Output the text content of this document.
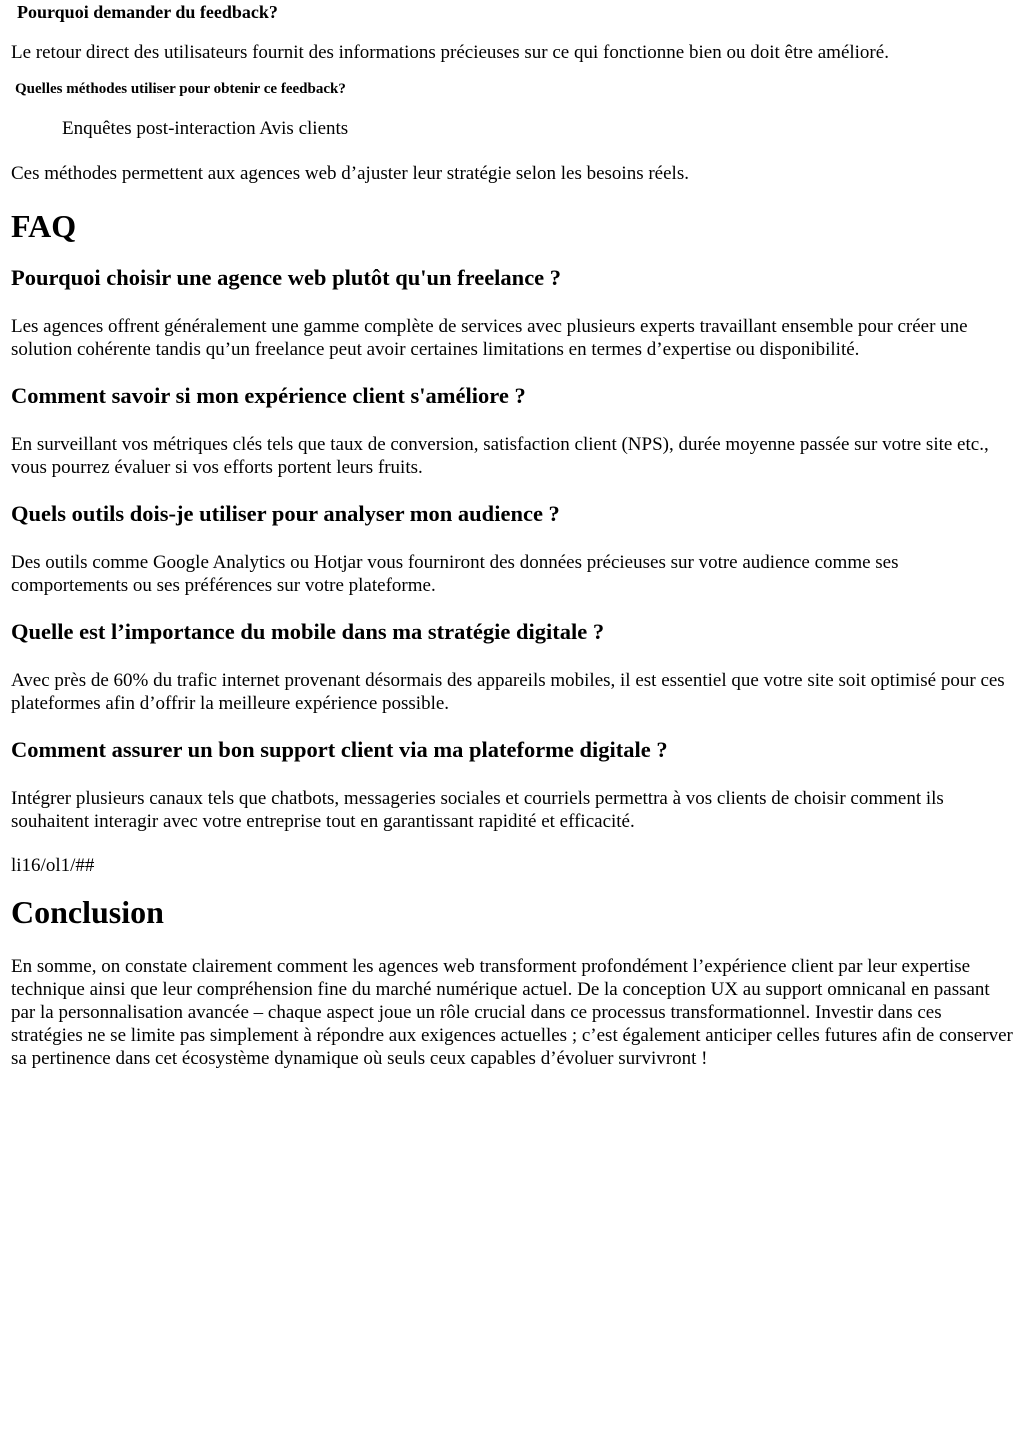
Pourquoi demander du feedback?

Le retour direct des utilisateurs fournit des informations précieuses sur ce qui fonctionne bien ou doit être amélioré.

Quelles méthodes utiliser pour obtenir ce feedback?

Enquêtes post-interaction Avis clients

Ces méthodes permettent aux agences web d’ajuster leur stratégie selon les besoins réels.

FAQ
Pourquoi choisir une agence web plutôt qu'un freelance ?

Les agences offrent généralement une gamme complète de services avec plusieurs experts travaillant ensemble pour créer une solution cohérente tandis qu’un freelance peut avoir certaines limitations en termes d’expertise ou disponibilité.

Comment savoir si mon expérience client s'améliore ?

En surveillant vos métriques clés tels que taux de conversion, satisfaction client (NPS), durée moyenne passée sur votre site etc., vous pourrez évaluer si vos efforts portent leurs fruits.

Quels outils dois-je utiliser pour analyser mon audience ?

Des outils comme Google Analytics ou Hotjar vous fourniront des données précieuses sur votre audience comme ses comportements ou ses préférences sur votre plateforme.

Quelle est l’importance du mobile dans ma stratégie digitale ?

Avec près de 60% du trafic internet provenant désormais des appareils mobiles, il est essentiel que votre site soit optimisé pour ces plateformes afin d’offrir la meilleure expérience possible.

Comment assurer un bon support client via ma plateforme digitale ?

Intégrer plusieurs canaux tels que chatbots, messageries sociales et courriels permettra à vos clients de choisir comment ils souhaitent interagir avec votre entreprise tout en garantissant rapidité et efficacité.

li16/ol1/##

Conclusion

En somme, on constate clairement comment les agences web transforment profondément l’expérience client par leur expertise technique ainsi que leur compréhension fine du marché numérique actuel. De la conception UX au support omnicanal en passant par la personnalisation avancée – chaque aspect joue un rôle crucial dans ce processus transformationnel. Investir dans ces stratégies ne se limite pas simplement à répondre aux exigences actuelles ; c’est également anticiper celles futures afin de conserver sa pertinence dans cet écosystème dynamique où seuls ceux capables d’évoluer survivront !
